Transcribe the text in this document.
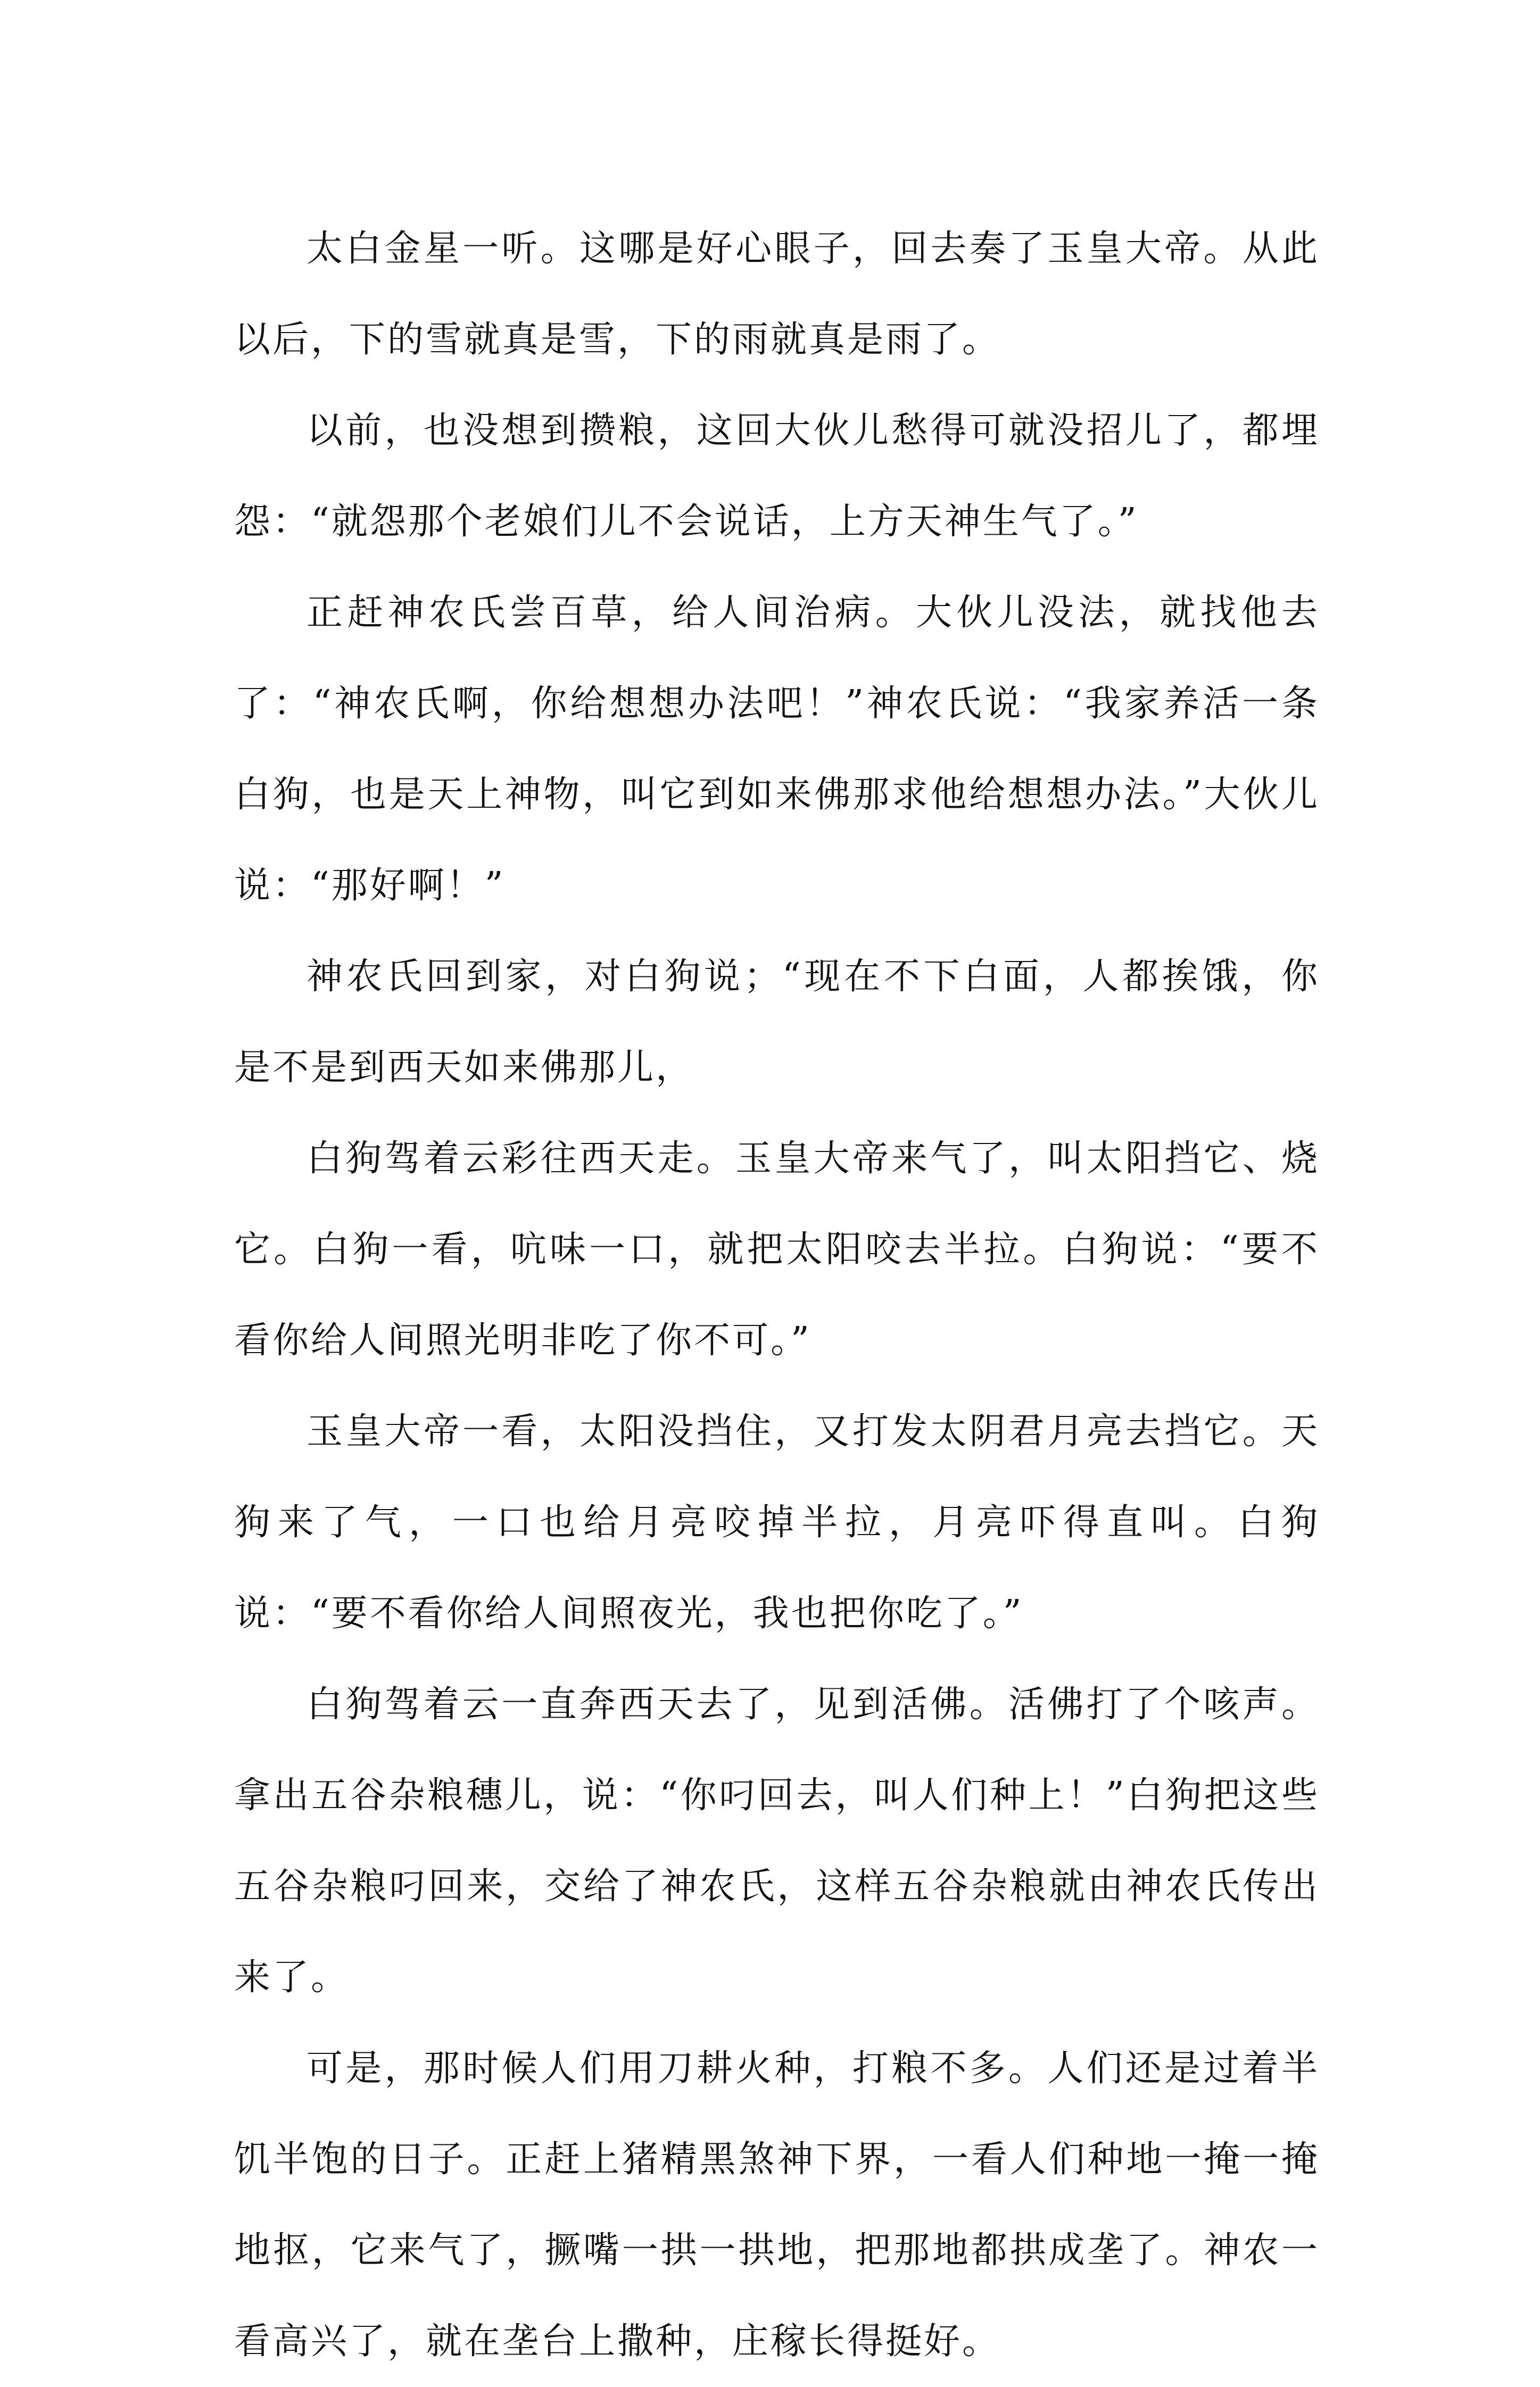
太白金星一听。这哪是好心眼子，回去奏了玉皇大帝。从此以后，下的雪就真是雪，下的雨就真是雨了。

以前，也没想到攒粮，这回大伙儿愁得可就没招儿了，都埋怨：“就怨那个老娘们儿不会说话，上方天神生气了。”

正赶神农氏尝百草，给人间治病。大伙儿没法，就找他去了：“神农氏啊，你给想想办法吧！”神农氏说：“我家养活一条白狗，也是天上神物，叫它到如来佛那求他给想想办法。”大伙儿说：“那好啊！”

神农氏回到家，对白狗说；“现在不下白面，人都挨饿，你是不是到西天如来佛那儿，

白狗驾着云彩往西天走。玉皇大帝来气了，叫太阳挡它、烧它。白狗一看，吭味一口，就把太阳咬去半拉。白狗说：“要不看你给人间照光明非吃了你不可。”

玉皇大帝一看，太阳没挡住，又打发太阴君月亮去挡它。天狗来了气，一口也给月亮咬掉半拉，月亮吓得直叫。白狗说：“要不看你给人间照夜光，我也把你吃了。”

白狗驾着云一直奔西天去了，见到活佛。活佛打了个咳声。拿出五谷杂粮穗儿，说：“你叼回去，叫人们种上！”白狗把这些五谷杂粮叼回来，交给了神农氏，这样五谷杂粮就由神农氏传出来了。

可是，那时候人们用刀耕火种，打粮不多。人们还是过着半饥半饱的日子。正赶上猪精黑煞神下界，一看人们种地一掩一掩地抠，它来气了，撅嘴一拱一拱地，把那地都拱成垄了。神农一看高兴了，就在垄台上撒种，庄稼长得挺好。
